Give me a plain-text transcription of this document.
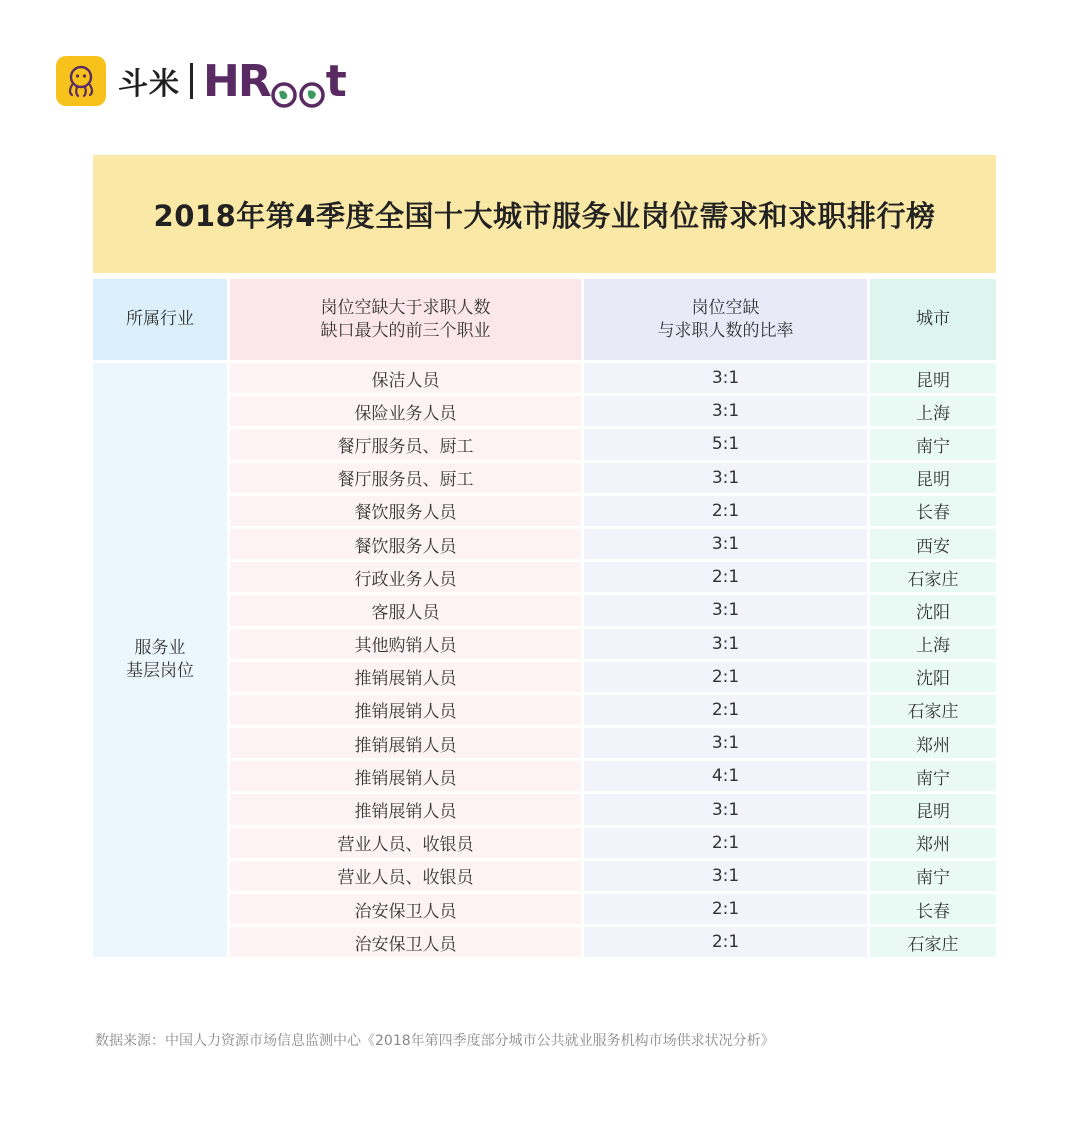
斗米 HR t
2018年第4季度全国十大城市服务业岗位需求和求职排行榜
所属行业
岗位空缺大于求职人数
缺口最大的前三个职业
岗位空缺
与求职人数的比率
城市
服务业
基层岗位
保洁人员
保险业务人员
餐厅服务员、厨工
餐厅服务员、厨工
餐饮服务人员
餐饮服务人员
行政业务人员
客服人员
其他购销人员
推销展销人员
推销展销人员
推销展销人员
推销展销人员
推销展销人员
营业人员、收银员
营业人员、收银员
治安保卫人员
治安保卫人员
3:1
3:1
5:1
3:1
2:1
3:1
2:1
3:1
3:1
2:1
2:1
3:1
4:1
3:1
2:1
3:1
2:1
2:1
昆明
上海
南宁
昆明
长春
西安
石家庄
沈阳
上海
沈阳
石家庄
郑州
南宁
昆明
郑州
南宁
长春
石家庄
数据来源：中国人力资源市场信息监测中心《2018年第四季度部分城市公共就业服务机构市场供求状况分析》
